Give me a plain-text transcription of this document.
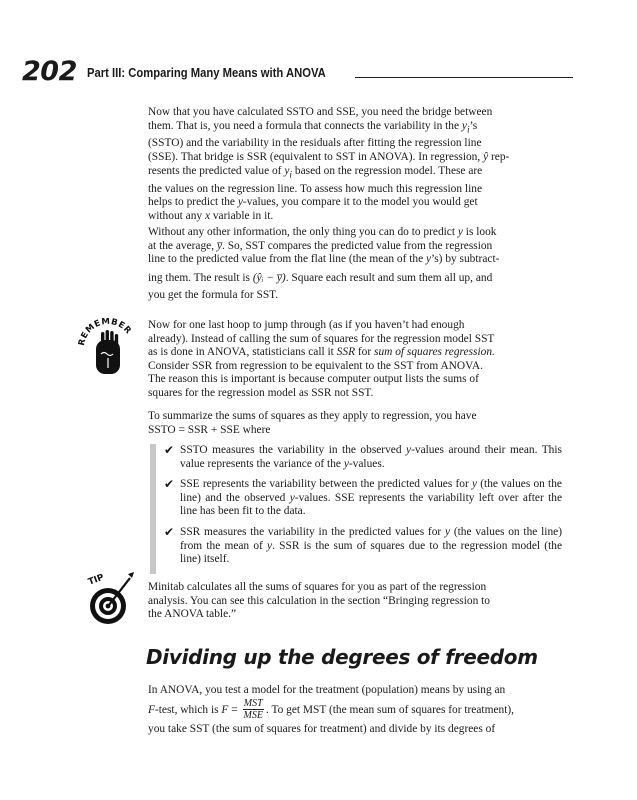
202 Part III: Comparing Many Means with ANOVA

Now that you have calculated SSTO and SSE, you need the bridge between

them. That is, you need a formula that connects the variability in the $y_i’s$

(SSTO) and the variability in the residuals after fitting the regression line

(SSE). That bridge is SSR (equivalent to SST in ANOVA). In regression, ŷ rep-

resents the predicted value of $y_i$ based on the regression model. These are

the values on the regression line. To assess how much this regression line

helps to predict the y-values, you compare it to the model you would get

without any x variable in it.

Without any other information, the only thing you can do to predict y is look

at the average, y̅. So, SST compares the predicted value from the regression

line to the predicted value from the flat line (the mean of the y’s) by subtract-

ing them. The result is (ŷᵢ − y̅). Square each result and sum them all up, and

you get the formula for SST.

REMEMBER Now for one last hoop to jump through (as if you haven’t had enough

already). Instead of calling the sum of squares for the regression model SST

as is done in ANOVA, statisticians call it SSR for sum of squares regression.

Consider SSR from regression to be equivalent to the SST from ANOVA.

The reason this is important is because computer output lists the sums of

squares for the regression model as SSR not SST.

To summarize the sums of squares as they apply to regression, you have

SSTO = SSR + SSE where

✔ SSTO measures the variability in the observed y-values around their mean. This value represents the variance of the y-values.
✔ SSE represents the variability between the predicted values for y (the values on the line) and the observed y-values. SSE represents the variability left over after the line has been fit to the data.
✔ SSR measures the variability in the predicted values for y (the values on the line) from the mean of y. SSR is the sum of squares due to the regression model (the line) itself.
TIP	Minitab calculates all the sums of squares for you as part of the regression

analysis. You can see this calculation in the section “Bringing regression to

the ANOVA table.”

Dividing up the degrees of freedom

In ANOVA, you test a model for the treatment (population) means by using an

F-test, which is $F = \frac{\text{MST}}{\text{MSE}}$ . To get MST (the mean sum of squares for treatment),

you take SST (the sum of squares for treatment) and divide by its degrees of
